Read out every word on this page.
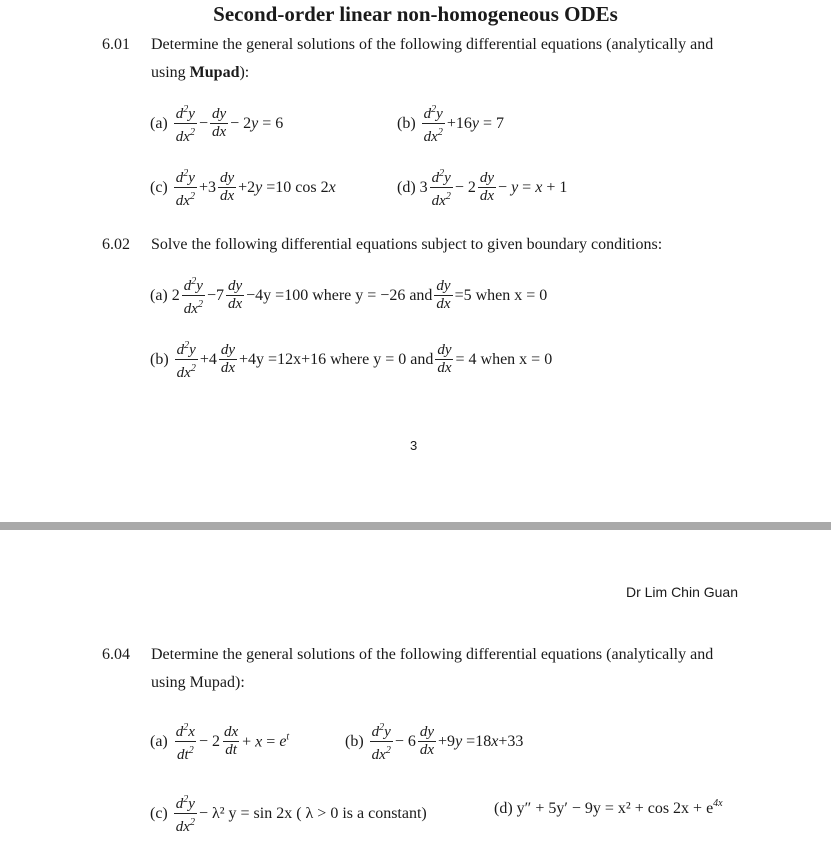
Second-order linear non-homogeneous ODEs
6.01 Determine the general solutions of the following differential equations (analytically and
using Mupad):
$(a) \frac{d^2y}{dx^2} - \frac{dy}{dx} - 2y = 6$	$(b) \frac{d^2y}{dx^2} +16y = 7$
$(c) \frac{d^2y}{dx^2} +3 \frac{dy}{dx} +2y =10$ cos 2x	(d) $3 \frac{d^2y}{dx^2} - 2 \frac{dy}{dx} - y = x + 1$
6.02 Solve the following differential equations subject to given boundary conditions:
(a) $2 \frac{d^2y}{dx^2} -7 \frac{dy}{dx} -4y =100$ where y = −26 and $\frac{dy}{dx} =5$ when x = 0
$(b) \frac{d^2y}{dx^2} +4 \frac{dy}{dx} +4y =12x+16$ where y = 0 and $\frac{dy}{dx} = 4$ when x = 0
3
Dr Lim Chin Guan
6.04 Determine the general solutions of the following differential equations (analytically and
using Mupad):
$(a) \frac{d^2x}{dt^2} - 2 \frac{dx}{dt} + x = e^t$	$(b) \frac{d^2y}{dx^2} - 6 \frac{dy}{dx} +9y =18x+33$
$(c) \frac{d^2y}{dx^2} - \lambda^2$ y = sin 2x ( λ > 0 is a constant)	(d) $y'' + 5y' - 9y = x^2 + \cos 2x + e^{4x}$
